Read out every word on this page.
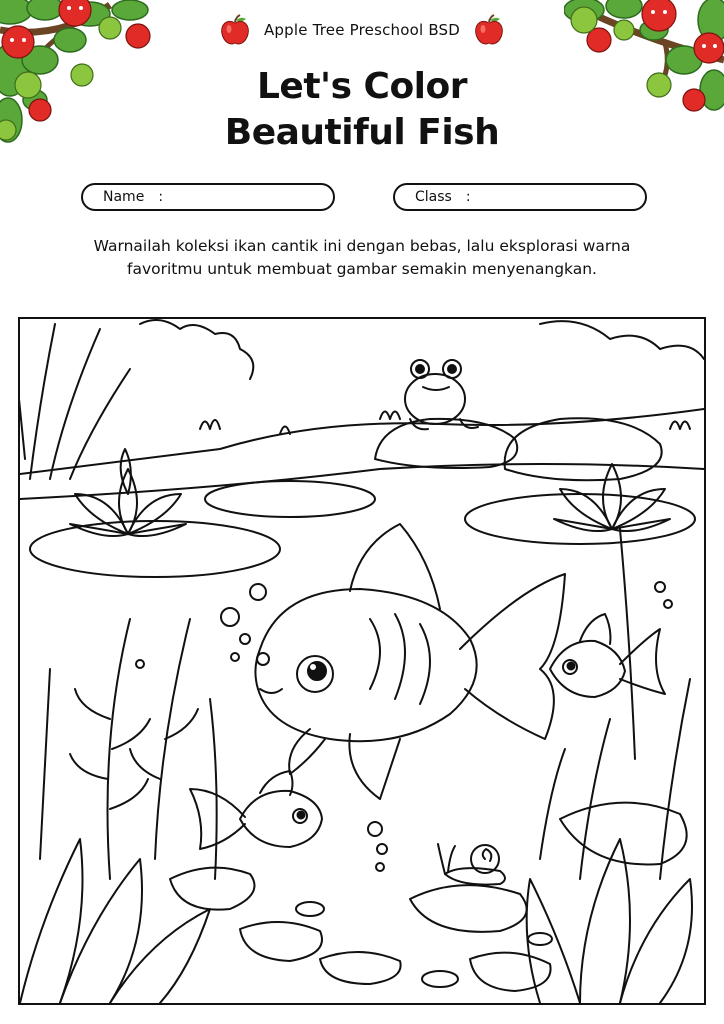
Apple Tree Preschool BSD
Let's Color
Beautiful Fish
Name :	Class :
Warnailah koleksi ikan cantik ini dengan bebas, lalu eksplorasi warna
favoritmu untuk membuat gambar semakin menyenangkan.
